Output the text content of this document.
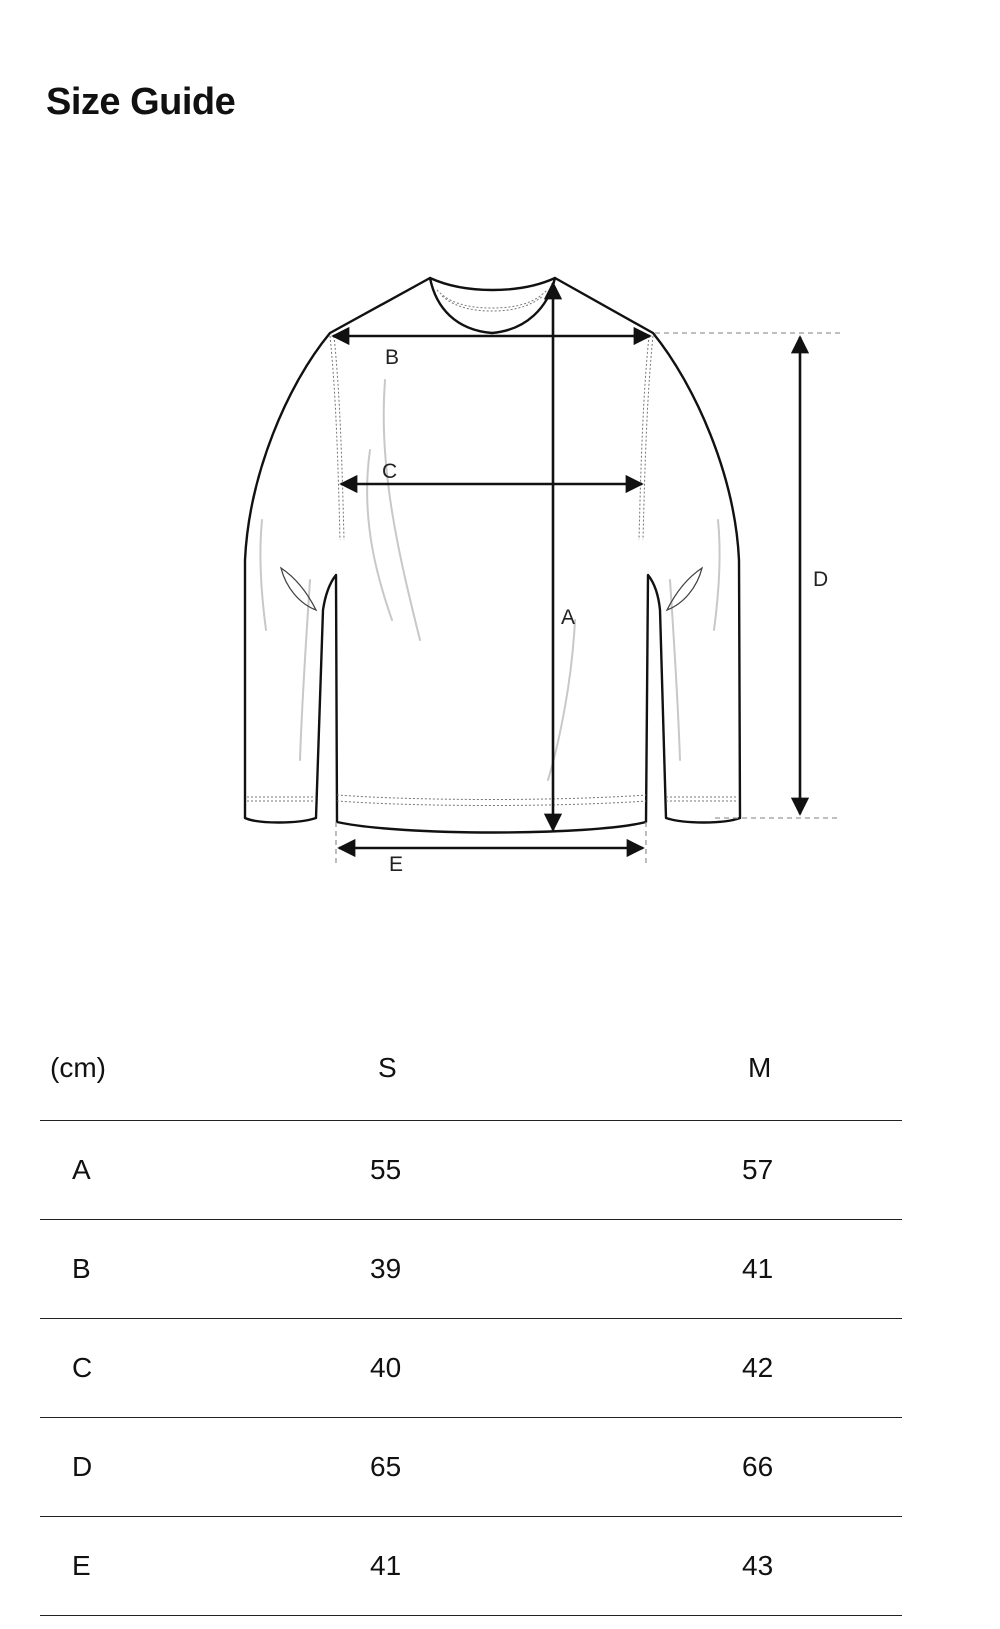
Size Guide
B
C
A
D
E
(cm)	S	M
A	55	57
B	39	41
C	40	42
D	65	66
E	41	43
